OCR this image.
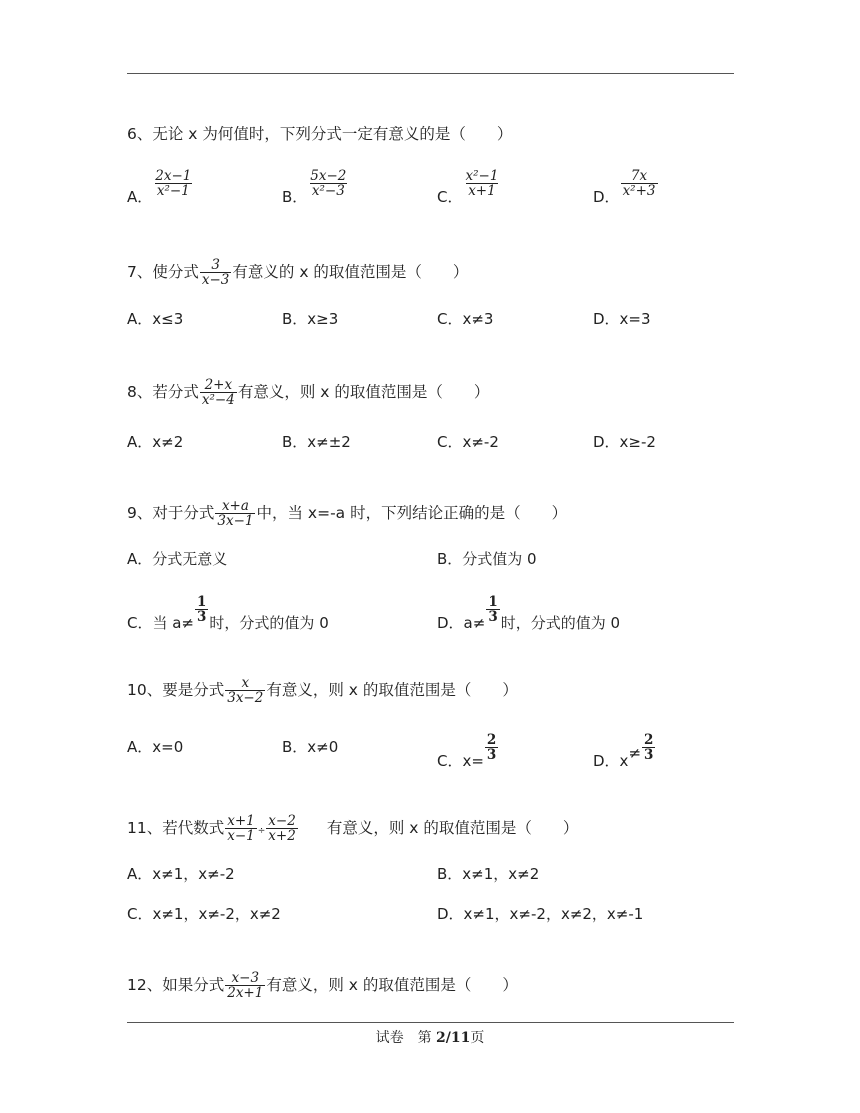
6、无论 x 为何值时，下列分式一定有意义的是（　　）
A． $\frac{2x-1}{\text{x²−1}}$	B． $\frac{5x-2}{\text{x²−3}}$	C． $\frac{\text{x²−1}}{x+1}$	D． $\frac{7x}{\text{x²+3}}$
7、使分式 $\frac{3}{x-3}$ 有意义的 x 的取值范围是（　　）
A．x≤3	B．x≥3	C．x≠3	D．x=3
8、若分式 $\frac{2+x}{\text{x²−4}}$ 有意义，则 x 的取值范围是（　　）
A．x≠2	B．x≠±2	C．x≠-2	D．x≥-2
9、对于分式 $\frac{x+a}{3x-1}$ 中，当 x=-a 时，下列结论正确的是（　　）
A．分式无意义	B．分式值为 0
C．当 $a\ne \frac{1}{3}$ 时，分式的值为 0	D．$a\ne \frac{1}{3}$ 时，分式的值为 0
10、要是分式 $\frac{x}{3x-2}$ 有意义，则 x 的取值范围是（　　）
A．x=0	B．x≠0
C．$x= \frac{2}{3}$	D．$x\ne \frac{2}{3}$
11、若代数式 $\frac{x+1}{x-1} \div \frac{x-2}{x+2}$ 有意义，则 x 的取值范围是（　　）
A．x≠1，x≠-2	B．x≠1，x≠2
C．x≠1，x≠-2，x≠2	D．x≠1，x≠-2，x≠2，x≠-1
12、如果分式 $\frac{x-3}{2x+1}$ 有意义，则 x 的取值范围是（　　）
试卷　第 2/11页
